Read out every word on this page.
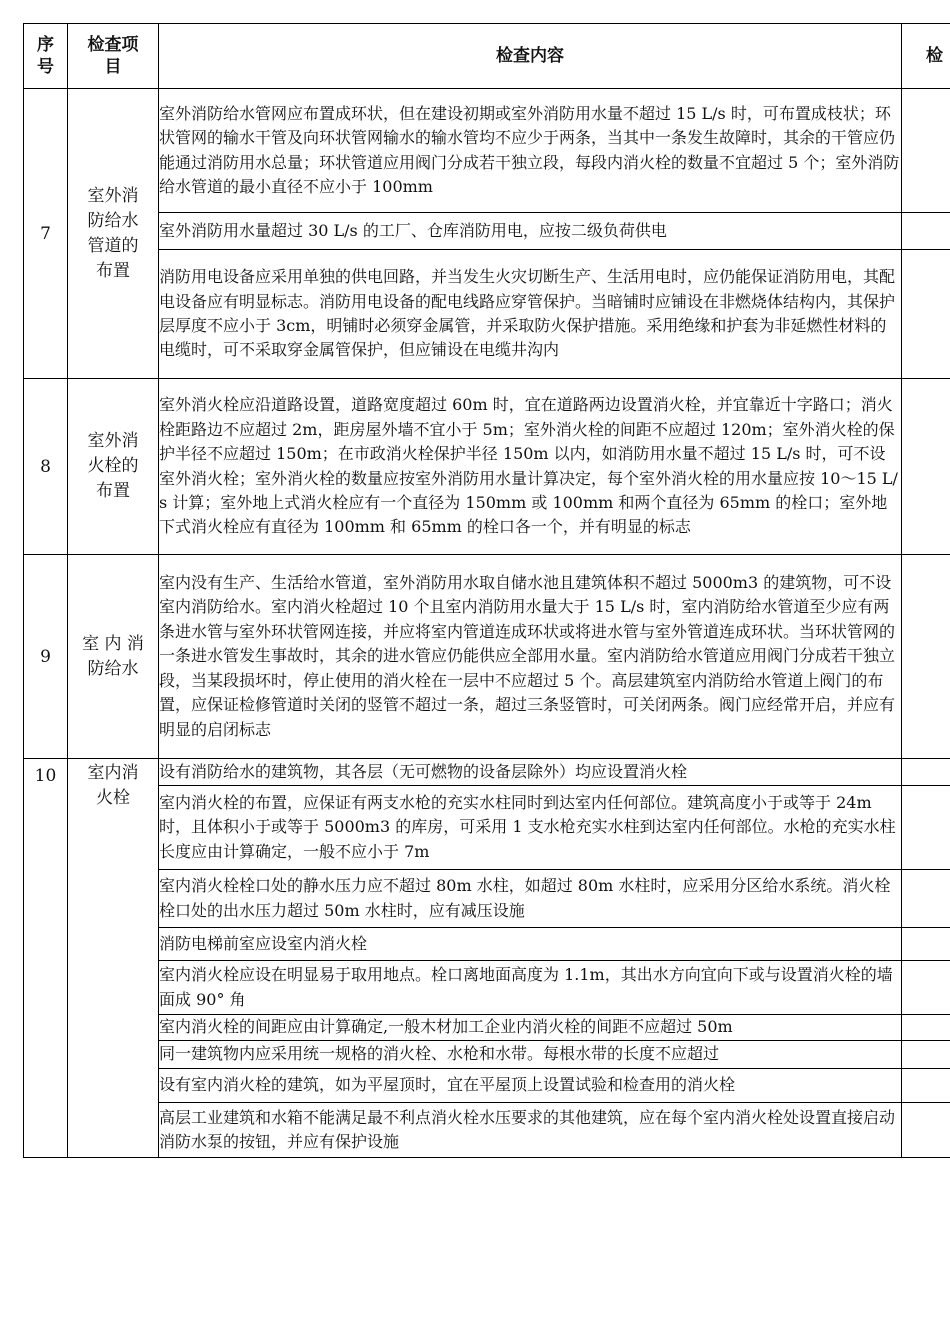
序号	检查项目	检查内容	检
7	室外消防给水管道的布置	室外消防给水管网应布置成环状，但在建设初期或室外消防用水量不超过 15 L/s 时，可布置成枝状；环状管网的输水干管及向环状管网输水的输水管均不应少于两条，当其中一条发生故障时，其余的干管应仍能通过消防用水总量；环状管道应用阀门分成若干独立段，每段内消火栓的数量不宜超过 5 个；室外消防给水管道的最小直径不应小于 100mm	
		室外消防用水量超过 30 L/s 的工厂、仓库消防用电，应按二级负荷供电	
		消防用电设备应采用单独的供电回路，并当发生火灾切断生产、生活用电时，应仍能保证消防用电，其配电设备应有明显标志。消防用电设备的配电线路应穿管保护。当暗铺时应铺设在非燃烧体结构内，其保护层厚度不应小于 3cm，明铺时必须穿金属管，并采取防火保护措施。采用绝缘和护套为非延燃性材料的电缆时，可不采取穿金属管保护，但应铺设在电缆井沟内	
8	室外消火栓的布置	室外消火栓应沿道路设置，道路宽度超过 60m 时，宜在道路两边设置消火栓，并宜靠近十字路口；消火栓距路边不应超过 2m，距房屋外墙不宜小于 5m；室外消火栓的间距不应超过 120m；室外消火栓的保护半径不应超过 150m；在市政消火栓保护半径 150m 以内，如消防用水量不超过 15 L/s 时，可不设室外消火栓；室外消火栓的数量应按室外消防用水量计算决定，每个室外消火栓的用水量应按 10～15 L/s 计算；室外地上式消火栓应有一个直径为 150mm 或 100mm 和两个直径为 65mm 的栓口；室外地下式消火栓应有直径为 100mm 和 65mm 的栓口各一个，并有明显的标志	
9	室 内 消防给水	室内没有生产、生活给水管道，室外消防用水取自储水池且建筑体积不超过 5000m3 的建筑物，可不设室内消防给水。室内消火栓超过 10 个且室内消防用水量大于 15 L/s 时，室内消防给水管道至少应有两条进水管与室外环状管网连接，并应将室内管道连成环状或将进水管与室外管道连成环状。当环状管网的一条进水管发生事故时，其余的进水管应仍能供应全部用水量。室内消防给水管道应用阀门分成若干独立段，当某段损坏时，停止使用的消火栓在一层中不应超过 5 个。高层建筑室内消防给水管道上阀门的布置，应保证检修管道时关闭的竖管不超过一条，超过三条竖管时，可关闭两条。阀门应经常开启，并应有明显的启闭标志	
10	室内消火栓	设有消防给水的建筑物，其各层（无可燃物的设备层除外）均应设置消火栓	
		室内消火栓的布置，应保证有两支水枪的充实水柱同时到达室内任何部位。建筑高度小于或等于 24m 时，且体积小于或等于 5000m3 的库房，可采用 1 支水枪充实水柱到达室内任何部位。水枪的充实水柱长度应由计算确定，一般不应小于 7m	
		室内消火栓栓口处的静水压力应不超过 80m 水柱，如超过 80m 水柱时，应采用分区给水系统。消火栓栓口处的出水压力超过 50m 水柱时，应有减压设施	
		消防电梯前室应设室内消火栓	
		室内消火栓应设在明显易于取用地点。栓口离地面高度为 1.1m，其出水方向宜向下或与设置消火栓的墙面成 90° 角	
		室内消火栓的间距应由计算确定,一般木材加工企业内消火栓的间距不应超过 50m	
		同一建筑物内应采用统一规格的消火栓、水枪和水带。每根水带的长度不应超过	
		设有室内消火栓的建筑，如为平屋顶时，宜在平屋顶上设置试验和检查用的消火栓	
		高层工业建筑和水箱不能满足最不利点消火栓水压要求的其他建筑，应在每个室内消火栓处设置直接启动消防水泵的按钮，并应有保护设施	
